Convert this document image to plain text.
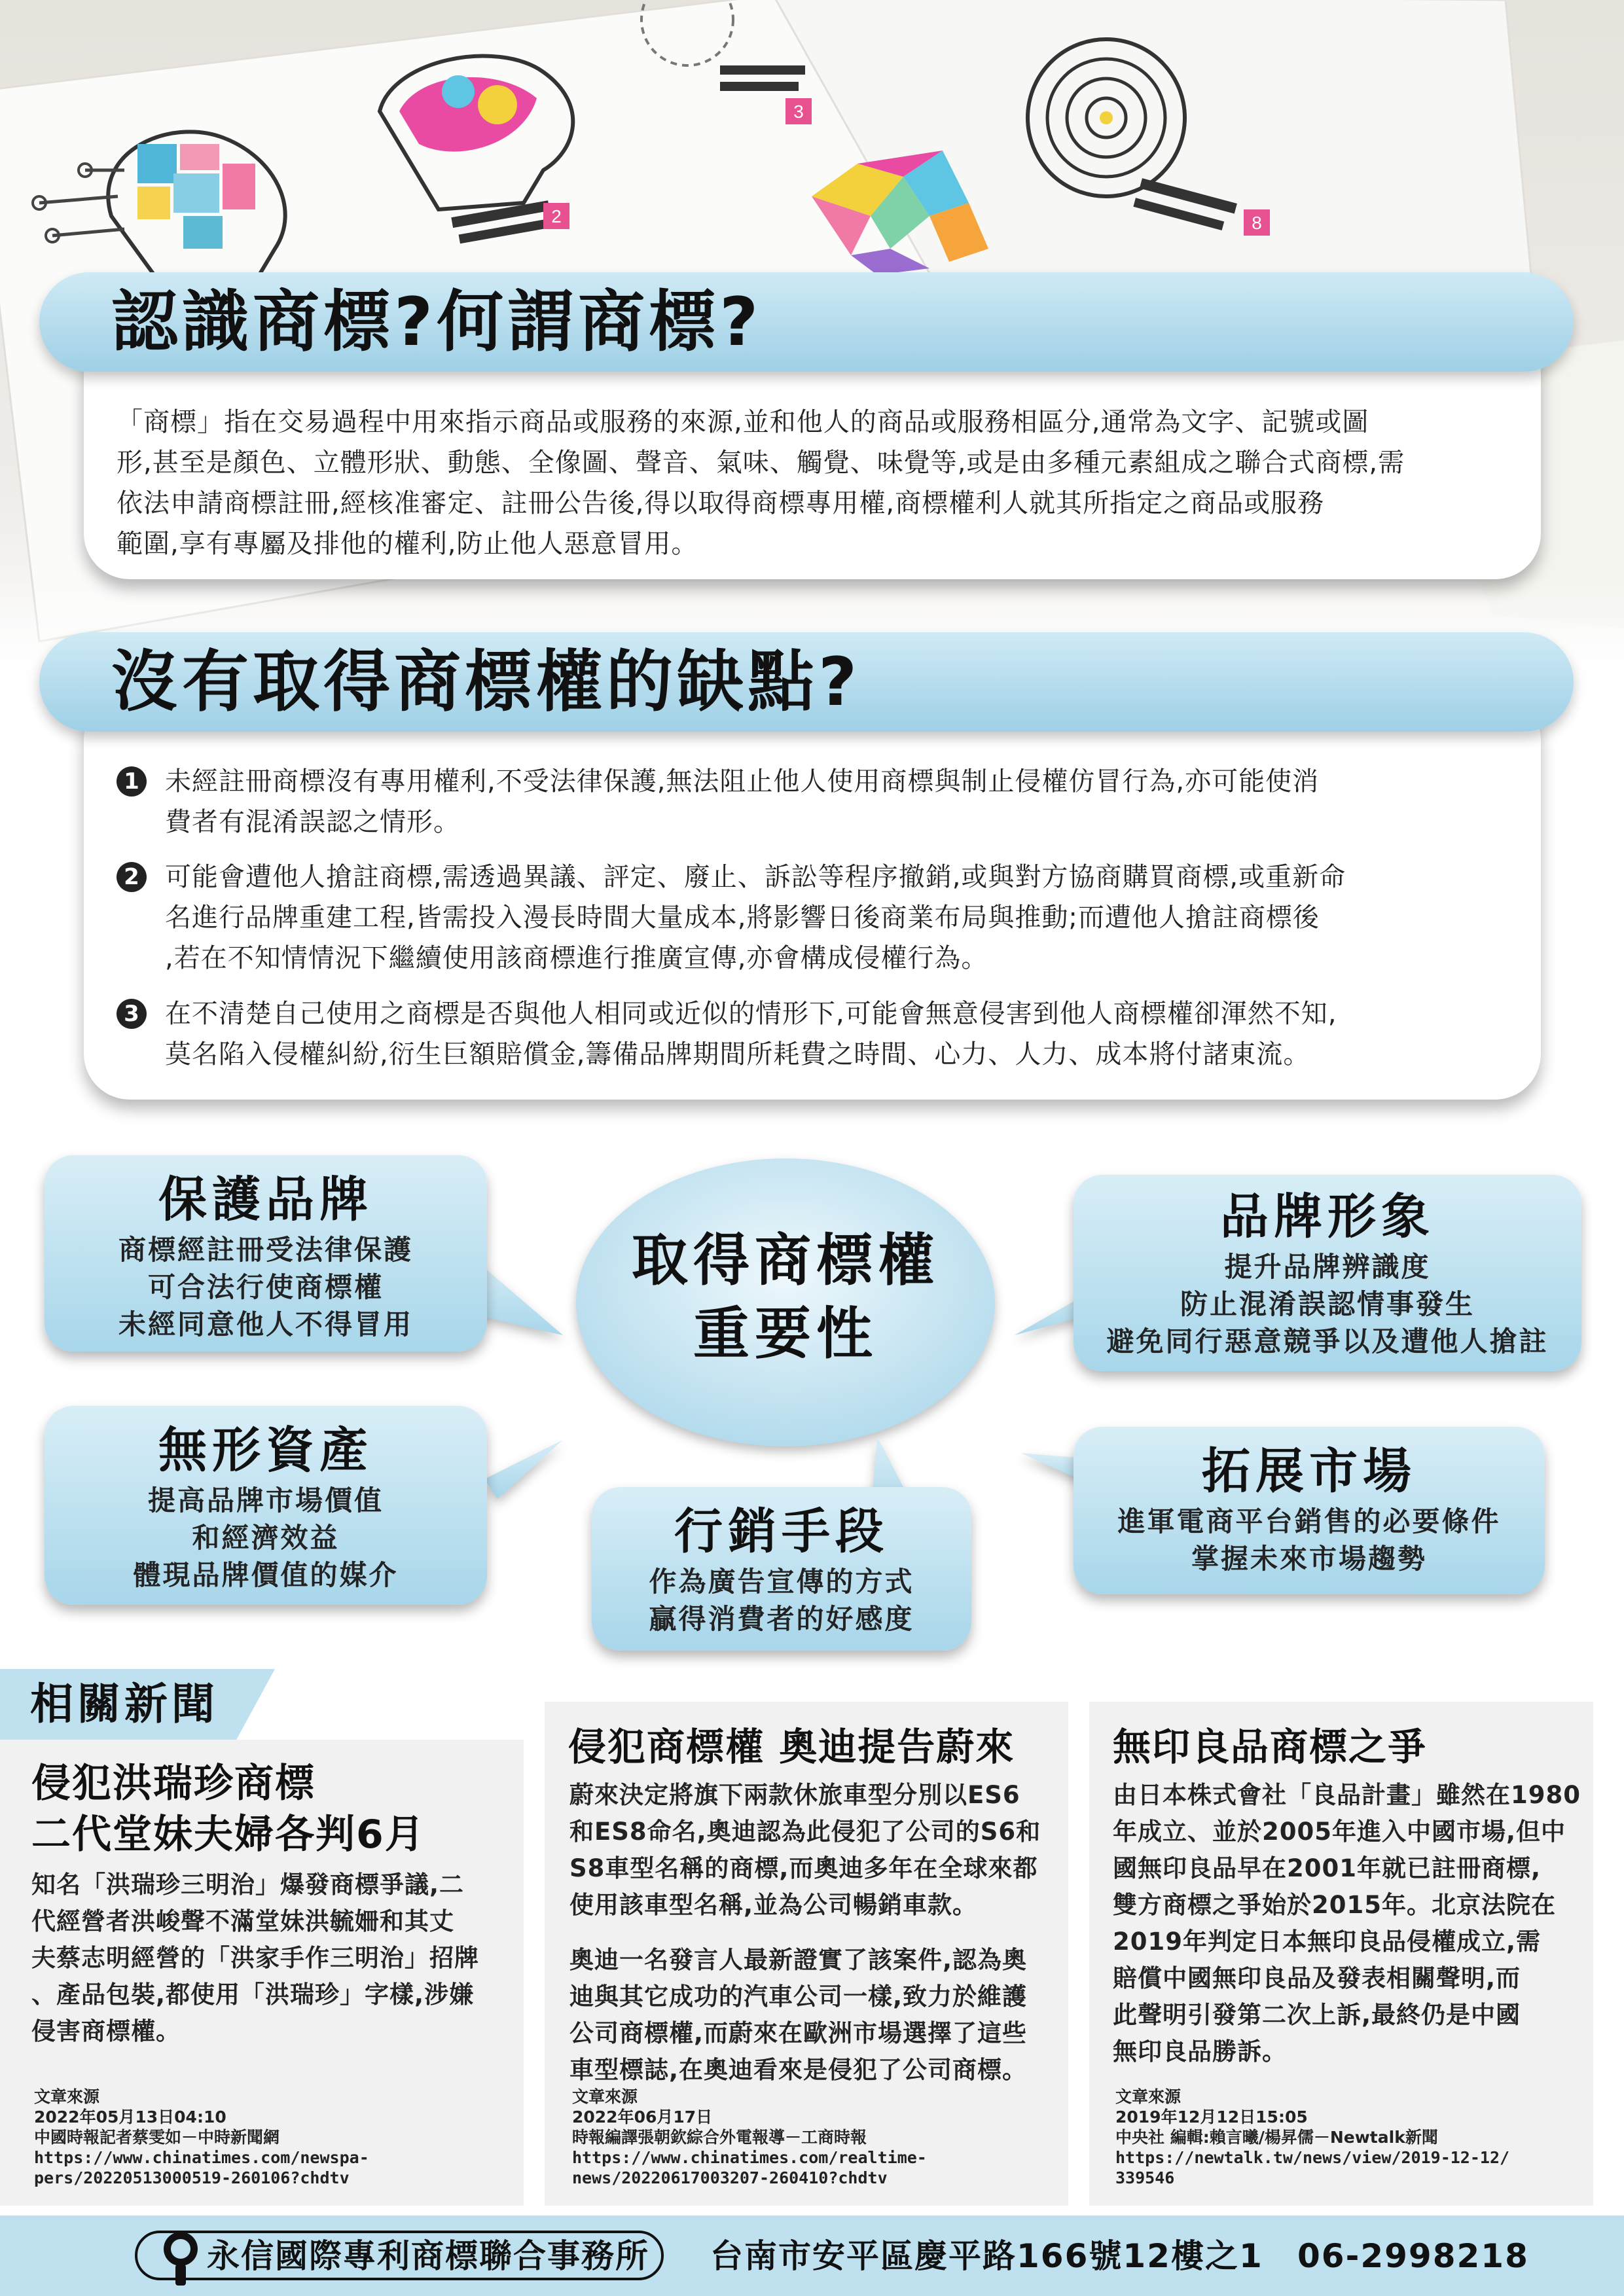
2
3
8
認識商標?何謂商標?
「商標」指在交易過程中用來指示商品或服務的來源,並和他人的商品或服務相區分,通常為文字、記號或圖
形,甚至是顏色、立體形狀、動態、全像圖、聲音、氣味、觸覺、味覺等,或是由多種元素組成之聯合式商標,需
依法申請商標註冊,經核准審定、註冊公告後,得以取得商標專用權,商標權利人就其所指定之商品或服務
範圍,享有專屬及排他的權利,防止他人惡意冒用。
沒有取得商標權的缺點?
1 未經註冊商標沒有專用權利,不受法律保護,無法阻止他人使用商標與制止侵權仿冒行為,亦可能使消
費者有混淆誤認之情形。
2 可能會遭他人搶註商標,需透過異議、評定、廢止、訴訟等程序撤銷,或與對方協商購買商標,或重新命
名進行品牌重建工程,皆需投入漫長時間大量成本,將影響日後商業布局與推動;而遭他人搶註商標後
,若在不知情情況下繼續使用該商標進行推廣宣傳,亦會構成侵權行為。
3 在不清楚自己使用之商標是否與他人相同或近似的情形下,可能會無意侵害到他人商標權卻渾然不知,
莫名陷入侵權糾紛,衍生巨額賠償金,籌備品牌期間所耗費之時間、心力、人力、成本將付諸東流。
取得商標權
重要性
保護品牌
商標經註冊受法律保護
可合法行使商標權
未經同意他人不得冒用
無形資產
提高品牌市場價值
和經濟效益
體現品牌價值的媒介
行銷手段
作為廣告宣傳的方式
贏得消費者的好感度
品牌形象
提升品牌辨識度
防止混淆誤認情事發生
避免同行惡意競爭以及遭他人搶註
拓展市場
進軍電商平台銷售的必要條件
掌握未來市場趨勢
相關新聞
侵犯洪瑞珍商標
二代堂妹夫婦各判6月
知名「洪瑞珍三明治」爆發商標爭議,二
代經營者洪峻聲不滿堂妹洪毓姍和其丈
夫蔡志明經營的「洪家手作三明治」招牌
、產品包裝,都使用「洪瑞珍」字樣,涉嫌
侵害商標權。
文章來源
2022年05月13日04:10
中國時報記者蔡雯如－中時新聞網
https://www.chinatimes.com/newspa-
pers/20220513000519-260106?chdtv
侵犯商標權 奧迪提告蔚來
蔚來決定將旗下兩款休旅車型分別以ES6
和ES8命名,奧迪認為此侵犯了公司的S6和
S8車型名稱的商標,而奧迪多年在全球來都
使用該車型名稱,並為公司暢銷車款。
奧迪一名發言人最新證實了該案件,認為奧
迪與其它成功的汽車公司一樣,致力於維護
公司商標權,而蔚來在歐洲市場選擇了這些
車型標誌,在奧迪看來是侵犯了公司商標。
文章來源
2022年06月17日
時報編譯張朝欽綜合外電報導－工商時報
https://www.chinatimes.com/realtime-
news/20220617003207-260410?chdtv
無印良品商標之爭
由日本株式會社「良品計畫」雖然在1980
年成立、並於2005年進入中國市場,但中
國無印良品早在2001年就已註冊商標,
雙方商標之爭始於2015年。北京法院在
2019年判定日本無印良品侵權成立,需
賠償中國無印良品及發表相關聲明,而
此聲明引發第二次上訴,最終仍是中國
無印良品勝訴。
文章來源
2019年12月12日15:05
中央社 編輯:賴言曦/楊昇儒－Newtalk新聞
https://newtalk.tw/news/view/2019-12-12/
339546
永信國際專利商標聯合事務所 台南市安平區慶平路166號12樓之1 06-2998218
